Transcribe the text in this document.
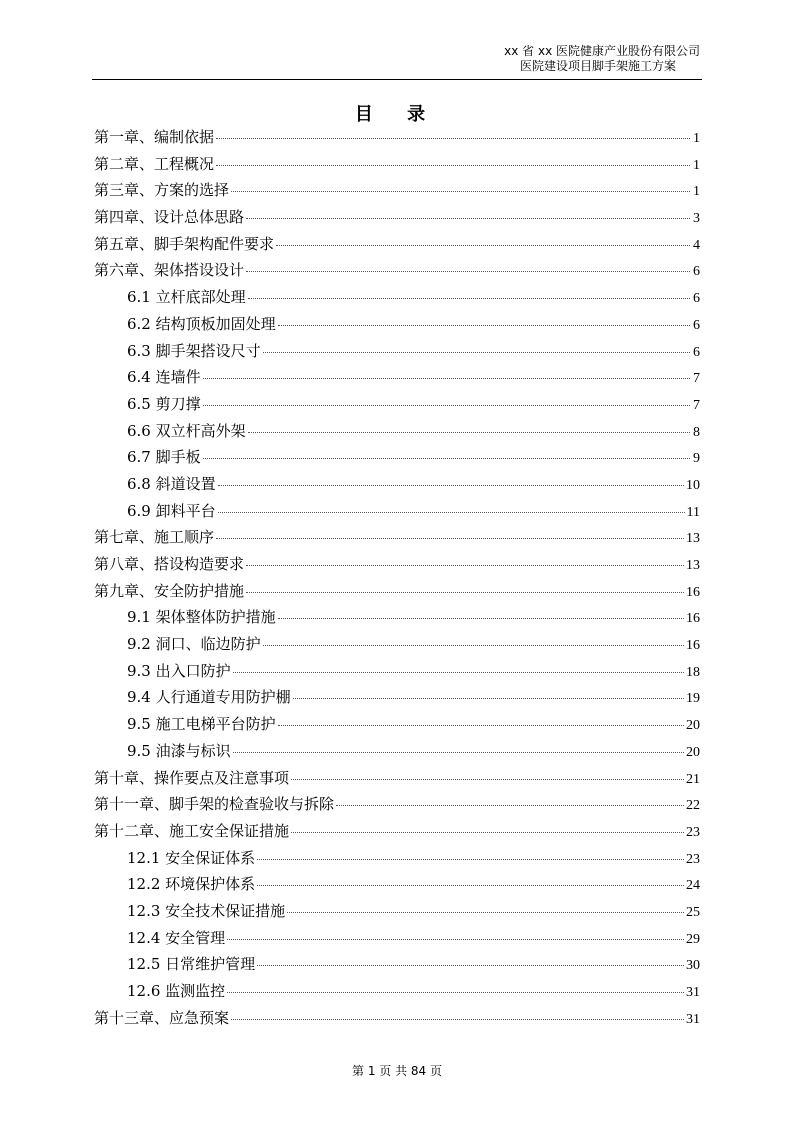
xx 省 xx 医院健康产业股份有限公司
医院建设项目脚手架施工方案
目 录
第一章、编制依据	1
第二章、工程概况	1
第三章、方案的选择	1
第四章、设计总体思路	3
第五章、脚手架构配件要求	4
第六章、架体搭设设计	6
6.1 立杆底部处理	6
6.2 结构顶板加固处理	6
6.3 脚手架搭设尺寸	6
6.4 连墙件	7
6.5 剪刀撑	7
6.6 双立杆高外架	8
6.7 脚手板	9
6.8 斜道设置	10
6.9 卸料平台	11
第七章、施工顺序	13
第八章、搭设构造要求	13
第九章、安全防护措施	16
9.1 架体整体防护措施	16
9.2 洞口、临边防护	16
9.3 出入口防护	18
9.4 人行通道专用防护棚	19
9.5 施工电梯平台防护	20
9.5 油漆与标识	20
第十章、操作要点及注意事项	21
第十一章、脚手架的检查验收与拆除	22
第十二章、施工安全保证措施	23
12.1 安全保证体系	23
12.2 环境保护体系	24
12.3 安全技术保证措施	25
12.4 安全管理	29
12.5 日常维护管理	30
12.6 监测监控	31
第十三章、应急预案	31
第 1 页 共 84 页
